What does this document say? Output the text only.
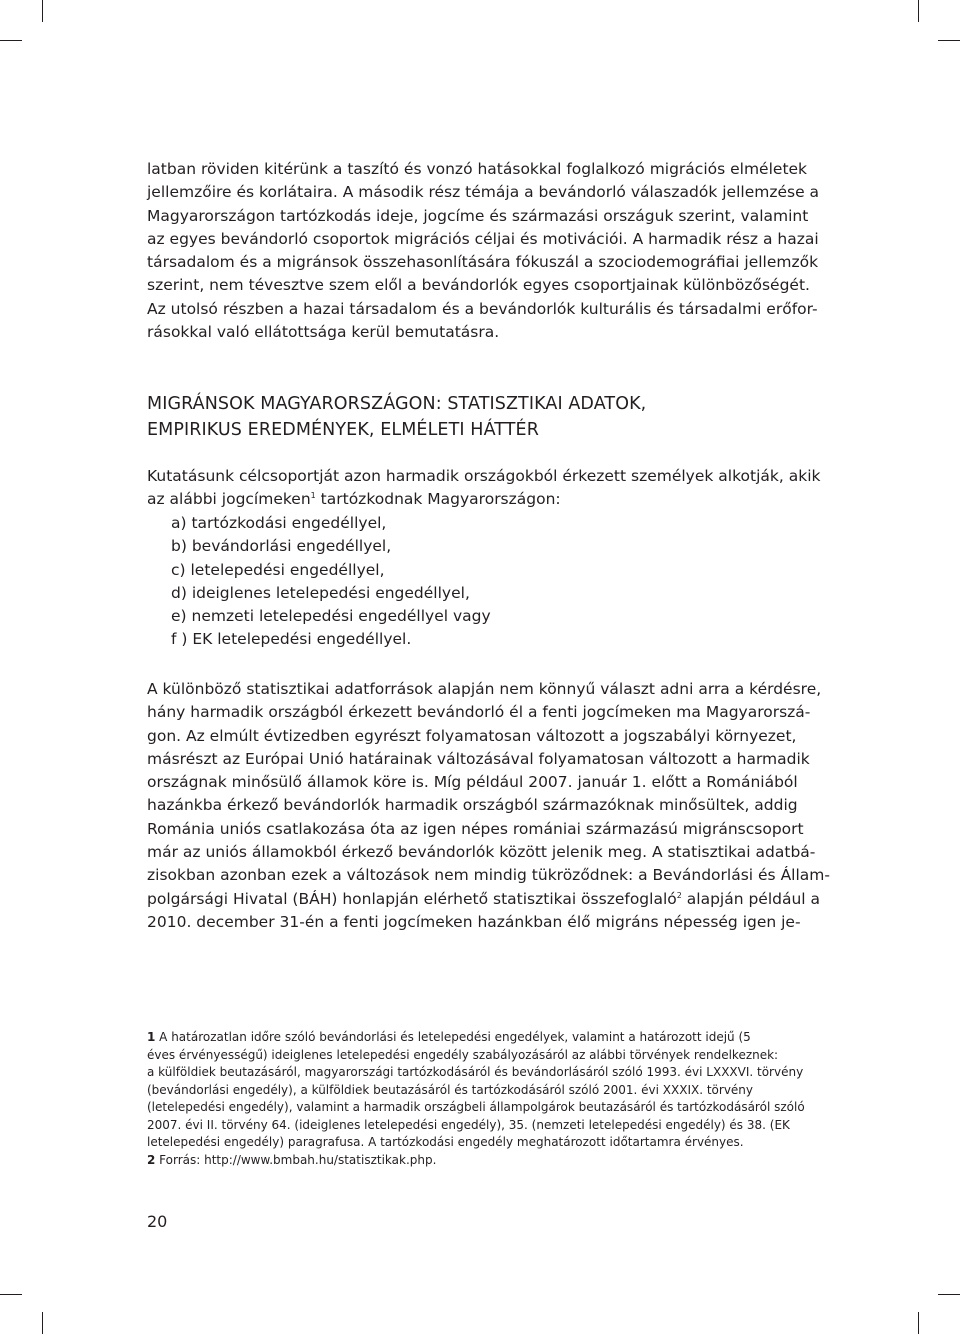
latban röviden kitérünk a taszító és vonzó hatásokkal foglalkozó migrációs elméletek
jellemzőire és korlátaira. A második rész témája a bevándorló válaszadók jellemzése a
Magyarországon tartózkodás ideje, jogcíme és származási országuk szerint, valamint
az egyes bevándorló csoportok migrációs céljai és motivációi. A harmadik rész a hazai
társadalom és a migránsok összehasonlítására fókuszál a szociodemográfiai jellemzők
szerint, nem tévesztve szem elől a bevándorlók egyes csoportjainak különbözőségét.
Az utolsó részben a hazai társadalom és a bevándorlók kulturális és társadalmi erőfor-
rásokkal való ellátottsága kerül bemutatásra.

MIGRÁNSOK MAGYARORSZÁGON: STATISZTIKAI ADATOK,
EMPIRIKUS EREDMÉNYEK, ELMÉLETI HÁTTÉR

Kutatásunk célcsoportját azon harmadik országokból érkezett személyek alkotják, akik
az alábbi jogcímeken$^1$ tartózkodnak Magyarországon:

a) tartózkodási engedéllyel,
b) bevándorlási engedéllyel,
c) letelepedési engedéllyel,
d) ideiglenes letelepedési engedéllyel,
e) nemzeti letelepedési engedéllyel vagy
f ) EK letelepedési engedéllyel.

A különböző statisztikai adatforrások alapján nem könnyű választ adni arra a kérdésre,
hány harmadik országból érkezett bevándorló él a fenti jogcímeken ma Magyarorszá-
gon. Az elmúlt évtizedben egyrészt folyamatosan változott a jogszabályi környezet,
másrészt az Európai Unió határainak változásával folyamatosan változott a harmadik
országnak minősülő államok köre is. Míg például 2007. január 1. előtt a Romániából
hazánkba érkező bevándorlók harmadik országból származóknak minősültek, addig
Románia uniós csatlakozása óta az igen népes romániai származású migránscsoport
már az uniós államokból érkező bevándorlók között jelenik meg. A statisztikai adatbá-
zisokban azonban ezek a változások nem mindig tükröződnek: a Bevándorlási és Állam-
polgársági Hivatal (BÁH) honlapján elérhető statisztikai összefoglaló$^2$ alapján például a
2010. december 31-én a fenti jogcímeken hazánkban élő migráns népesség igen je-

1 A határozatlan időre szóló bevándorlási és letelepedési engedélyek, valamint a határozott idejű (5
éves érvényességű) ideiglenes letelepedési engedély szabályozásáról az alábbi törvények rendelkeznek:
a külföldiek beutazásáról, magyarországi tartózkodásáról és bevándorlásáról szóló 1993. évi LXXXVI. törvény
(bevándorlási engedély), a külföldiek beutazásáról és tartózkodásáról szóló 2001. évi XXXIX. törvény
(letelepedési engedély), valamint a harmadik országbeli állampolgárok beutazásáról és tartózkodásáról szóló
2007. évi II. törvény 64. (ideiglenes letelepedési engedély), 35. (nemzeti letelepedési engedély) és 38. (EK
letelepedési engedély) paragrafusa. A tartózkodási engedély meghatározott időtartamra érvényes.
2 Forrás: http://www.bmbah.hu/statisztikak.php.
20
